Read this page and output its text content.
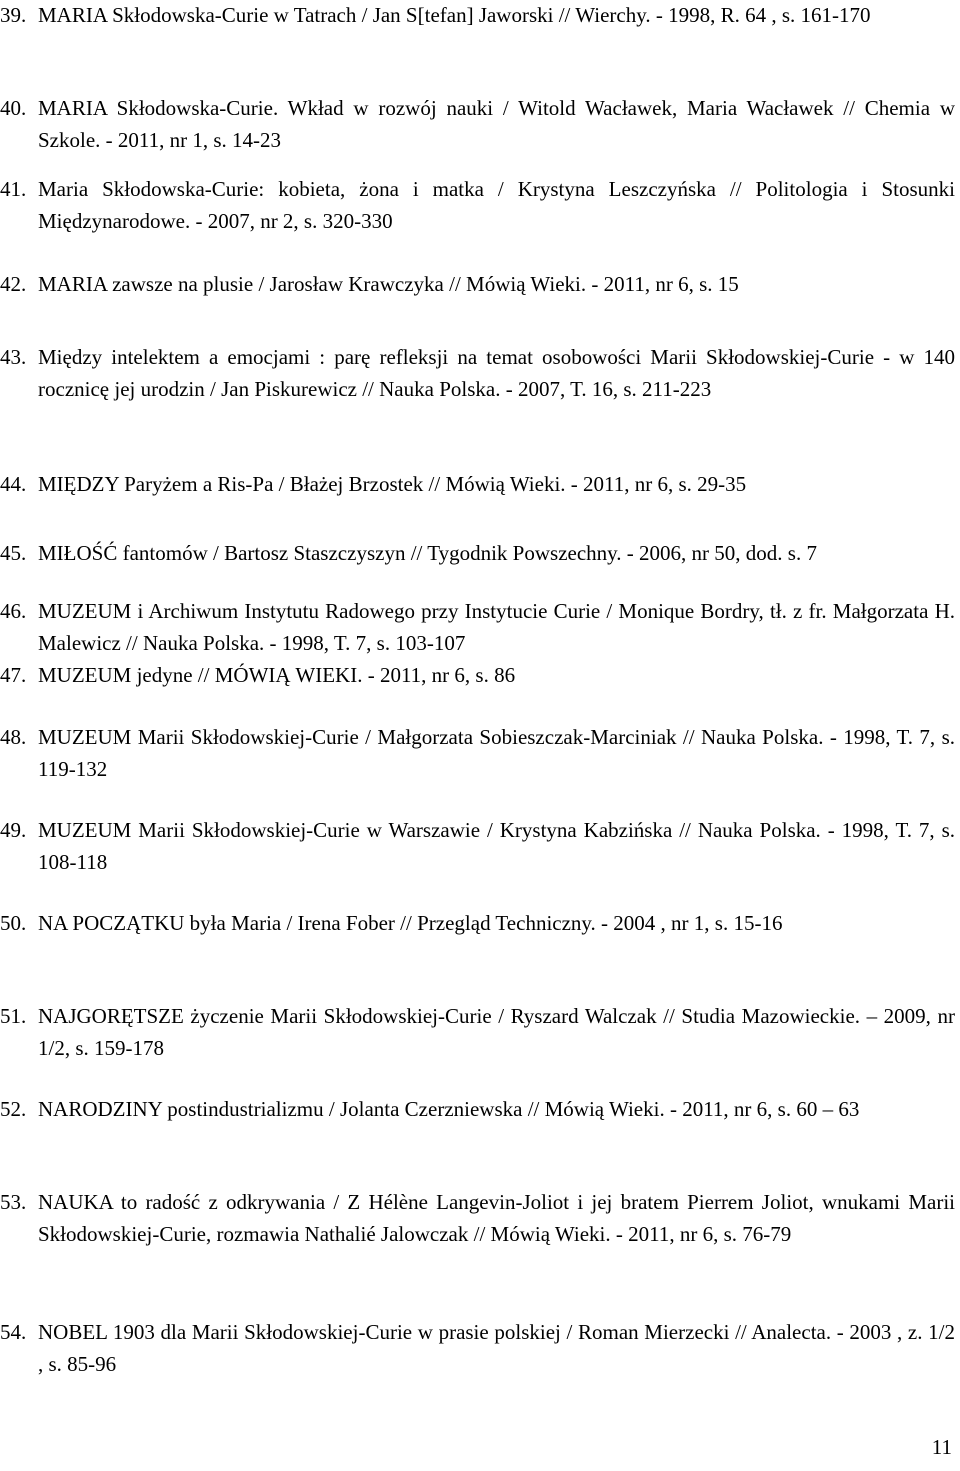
39. MARIA Skłodowska-Curie w Tatrach / Jan S[tefan] Jaworski // Wierchy. - 1998, R. 64 , s. 161-170
40. MARIA Skłodowska-Curie. Wkład w rozwój nauki / Witold Wacławek, Maria Wacławek // Chemia w Szkole. - 2011, nr 1, s. 14-23
41. Maria Skłodowska-Curie: kobieta, żona i matka / Krystyna Leszczyńska // Politologia i Stosunki Międzynarodowe. - 2007, nr 2, s. 320-330
42. MARIA zawsze na plusie / Jarosław Krawczyka // Mówią Wieki. - 2011, nr 6, s. 15
43. Między intelektem a emocjami : parę refleksji na temat osobowości Marii Skłodowskiej-Curie - w 140 rocznicę jej urodzin / Jan Piskurewicz // Nauka Polska. - 2007, T. 16, s. 211-223
44. MIĘDZY Paryżem a Ris-Pa / Błażej Brzostek // Mówią Wieki. - 2011, nr 6, s. 29-35
45. MIŁOŚĆ fantomów / Bartosz Staszczyszyn // Tygodnik Powszechny. - 2006, nr 50, dod. s. 7
46. MUZEUM i Archiwum Instytutu Radowego przy Instytucie Curie / Monique Bordry, tł. z fr. Małgorzata H. Malewicz // Nauka Polska. - 1998, T. 7, s. 103-107
47. MUZEUM jedyne // MÓWIĄ WIEKI. - 2011, nr 6, s. 86
48. MUZEUM Marii Skłodowskiej-Curie / Małgorzata Sobieszczak-Marciniak // Nauka Polska. - 1998, T. 7, s. 119-132
49. MUZEUM Marii Skłodowskiej-Curie w Warszawie / Krystyna Kabzińska // Nauka Polska. - 1998, T. 7, s. 108-118
50. NA POCZĄTKU była Maria / Irena Fober // Przegląd Techniczny. - 2004 , nr 1, s. 15-16
51. NAJGORĘTSZE życzenie Marii Skłodowskiej-Curie / Ryszard Walczak // Studia Mazowieckie. – 2009, nr 1/2, s. 159-178
52. NARODZINY postindustrializmu / Jolanta Czerzniewska // Mówią Wieki. - 2011, nr 6, s. 60 – 63
53. NAUKA to radość z odkrywania / Z Hélène Langevin-Joliot i jej bratem Pierrem Joliot, wnukami Marii Skłodowskiej-Curie, rozmawia Nathalié Jalowczak // Mówią Wieki. - 2011, nr 6, s. 76-79
54. NOBEL 1903 dla Marii Skłodowskiej-Curie w prasie polskiej / Roman Mierzecki // Analecta. - 2003 , z. 1/2 , s. 85-96
11
